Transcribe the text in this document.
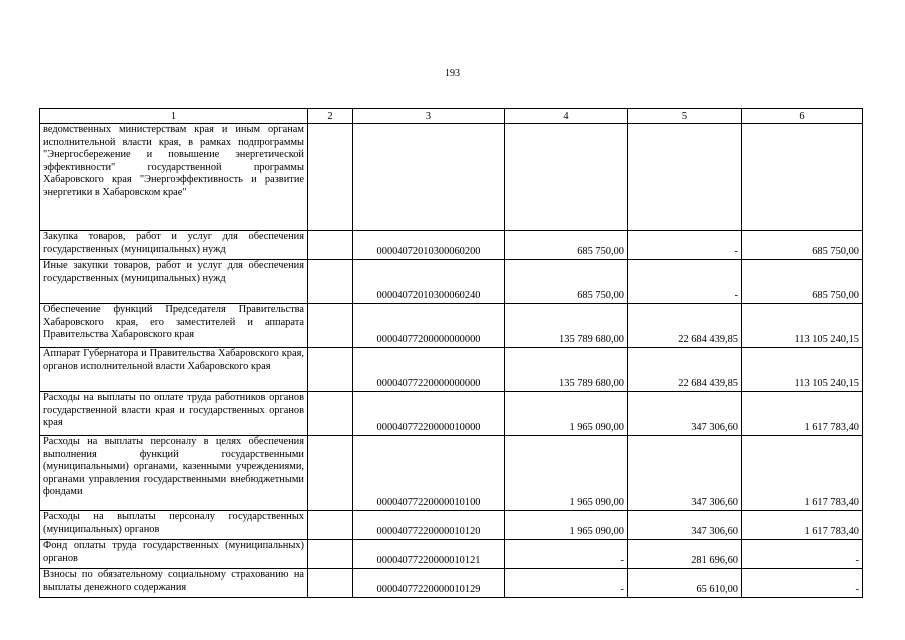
193
1	2	3	4	5	6
ведомственных министерствам края и иным органам исполнительной власти края, в рамках подпрограммы "Энергосбережение и повышение энергетической эффективности" государственной программы Хабаровского края "Энергоэффективность и развитие энергетики в Хабаровском крае"					
Закупка товаров, работ и услуг для обеспечения государственных (муниципальных) нужд		00004072010300060200	685 750,00	-	685 750,00
Иные закупки товаров, работ и услуг для обеспечения государственных (муниципальных) нужд		00004072010300060240	685 750,00	-	685 750,00
Обеспечение функций Председателя Правительства Хабаровского края, его заместителей и аппарата Правительства Хабаровского края		00004077200000000000	135 789 680,00	22 684 439,85	113 105 240,15
Аппарат Губернатора и Правительства Хабаровского края, органов исполнительной власти Хабаровского края		00004077220000000000	135 789 680,00	22 684 439,85	113 105 240,15
Расходы на выплаты по оплате труда работников органов государственной власти края и государственных органов края		00004077220000010000	1 965 090,00	347 306,60	1 617 783,40
Расходы на выплаты персоналу в целях обеспечения выполнения функций государственными (муниципальными) органами, казенными учреждениями, органами управления государственными внебюджетными фондами		00004077220000010100	1 965 090,00	347 306,60	1 617 783,40
Расходы на выплаты персоналу государственных (муниципальных) органов		00004077220000010120	1 965 090,00	347 306,60	1 617 783,40
Фонд оплаты труда государственных (муниципальных) органов		00004077220000010121	-	281 696,60	-
Взносы по обязательному социальному страхованию на выплаты денежного содержания		00004077220000010129	-	65 610,00	-
